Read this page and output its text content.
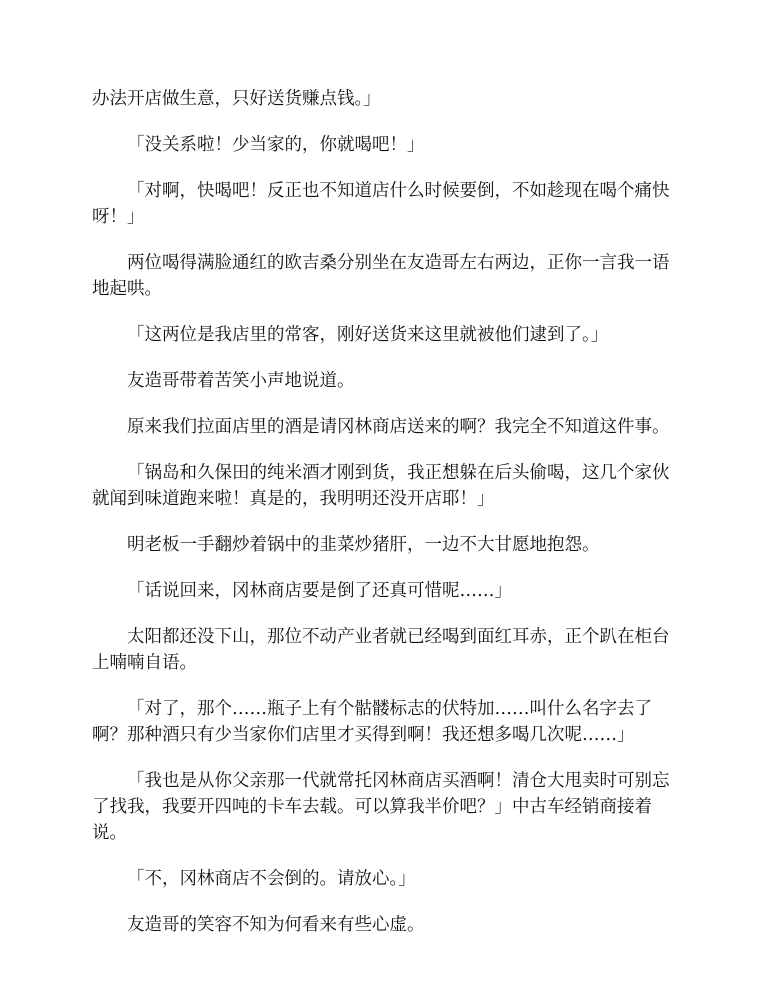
办法开店做生意，只好送货赚点钱。」

「没关系啦！少当家的，你就喝吧！」

「对啊，快喝吧！反正也不知道店什么时候要倒，不如趁现在喝个痛快呀！」

两位喝得满脸通红的欧吉桑分别坐在友造哥左右两边，正你一言我一语地起哄。

「这两位是我店里的常客，刚好送货来这里就被他们逮到了。」

友造哥带着苦笑小声地说道。

原来我们拉面店里的酒是请冈林商店送来的啊？我完全不知道这件事。

「锅岛和久保田的纯米酒才刚到货，我正想躲在后头偷喝，这几个家伙就闻到味道跑来啦！真是的，我明明还没开店耶！」

明老板一手翻炒着锅中的韭菜炒猪肝，一边不大甘愿地抱怨。

「话说回来，冈林商店要是倒了还真可惜呢……」

太阳都还没下山，那位不动产业者就已经喝到面红耳赤，正个趴在柜台上喃喃自语。

「对了，那个……瓶子上有个骷髅标志的伏特加……叫什么名字去了啊？那种酒只有少当家你们店里才买得到啊！我还想多喝几次呢……」

「我也是从你父亲那一代就常托冈林商店买酒啊！清仓大甩卖时可别忘了找我，我要开四吨的卡车去载。可以算我半价吧？」中古车经销商接着说。

「不，冈林商店不会倒的。请放心。」

友造哥的笑容不知为何看来有些心虚。
